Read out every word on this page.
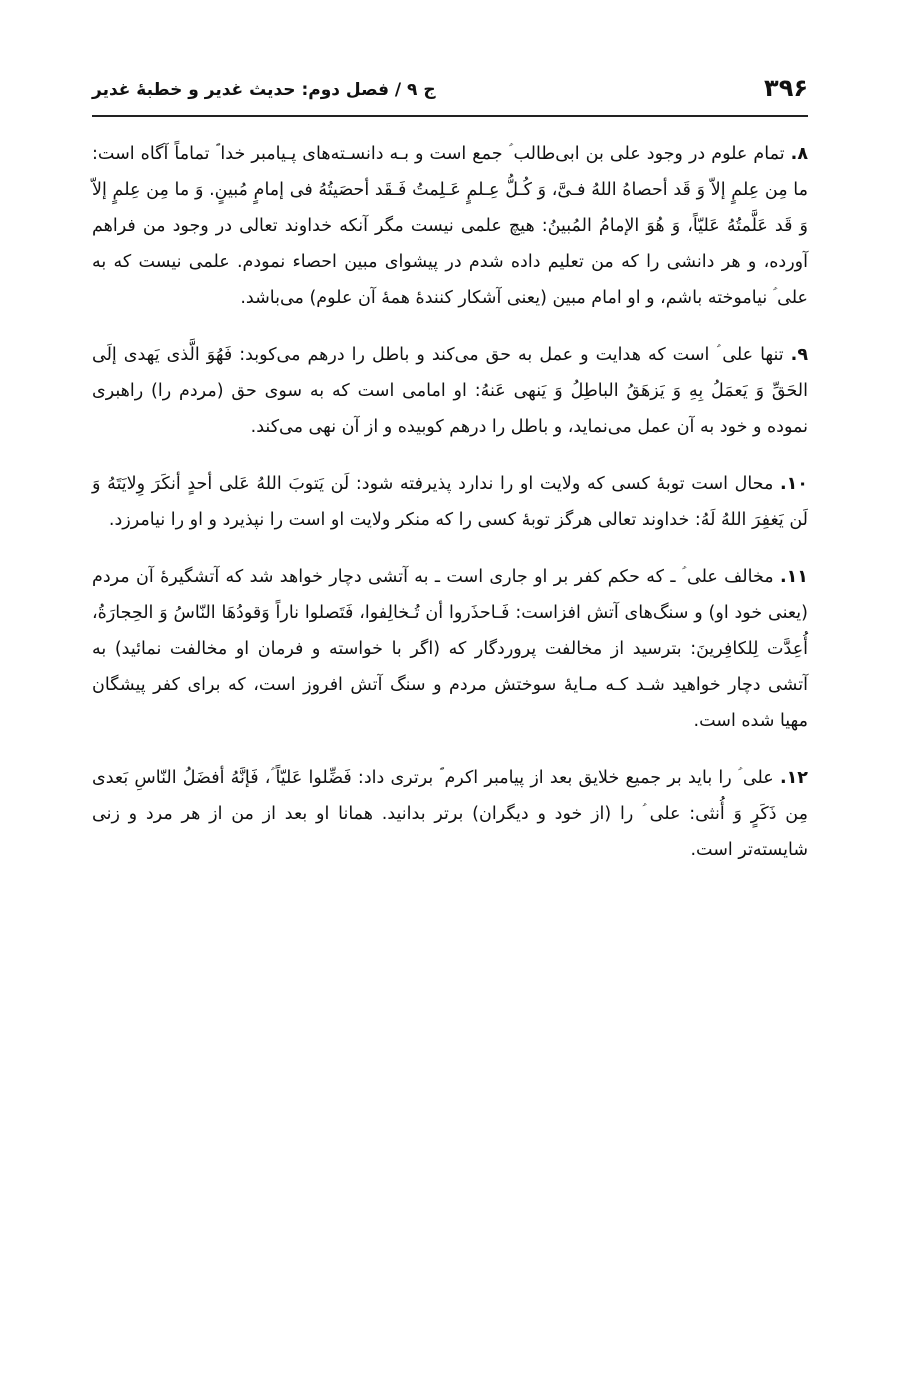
۳۹۶
ج ۹ / فصل دوم: حدیث غدیر و خطبهٔ غدیر

۸. تمام علوم در وجود علی بن ابی‌طالب ؑ جمع است و بـه دانسـته‌های پـیامبر خدا ؐ تماماً آگاه است: ما مِن عِلمٍ إلاّ وَ قَد أحصاهُ اللهُ فـیَّ، وَ کُـلُّ عِـلمٍ عَـلِمتُ فَـقَد أحصَیتُهُ فی إمامٍ مُبینٍ. وَ ما مِن عِلمٍ إلاّ وَ قَد عَلَّمتُهُ عَلیّاً، وَ هُوَ الإمامُ المُبینُ: هیچ علمی نیست مگر آنکه خداوند تعالی در وجود من فراهم آورده، و هر دانشی را که من تعلیم داده شدم در پیشوای مبین احصاء نمودم. علمی نیست که به علی ؑ نیاموخته باشم، و او امام مبین (یعنی آشکار کنندهٔ همهٔ آن علوم) می‌باشد.

۹. تنها علی ؑ است که هدایت و عمل به حق می‌کند و باطل را درهم می‌کوبد: فَهُوَ الَّذی یَهدی إلَی الحَقِّ وَ یَعمَلُ بِهِ وَ یَزهَقُ الباطِلُ وَ یَنهی عَنهُ: او امامی است که به سوی حق (مردم را) راهبری نموده و خود به آن عمل می‌نماید، و باطل را درهم کوبیده و از آن نهی می‌کند.

۱۰. محال است توبهٔ کسی که ولایت او را ندارد پذیرفته شود: لَن یَتوبَ اللهُ عَلی أحدٍ أنکَرَ وِلایَتَهُ وَ لَن یَغفِرَ اللهُ لَهُ: خداوند تعالی هرگز توبهٔ کسی را که منکر ولایت او است را نپذیرد و او را نیامرزد.

۱۱. مخالف علی ؑ ـ که حکم کفر بر او جاری است ـ به آتشی دچار خواهد شد که آتشگیرهٔ آن مردم (یعنی خود او) و سنگ‌های آتش افزاست: فَـاحذَروا أن تُـخالِفوا، فَتَصلوا ناراً وَقودُهَا النّاسُ وَ الحِجارَةُ، أُعِدَّت لِلکافِرینَ: بترسید از مخالفت پروردگار که (اگر با خواسته و فرمان او مخالفت نمائید) به آتشی دچار خواهید شـد کـه مـایهٔ سوختش مردم و سنگ آتش افروز است، که برای کفر پیشگان مهیا شده است.

۱۲. علی ؑ را باید بر جمیع خلایق بعد از پیامبر اکرم ؐ برتری داد: فَضِّلوا عَلیّاً ؑ، فَإنَّهُ أفضَلُ النّاسِ بَعدی مِن ذَکَرٍ وَ أُنثی: علی ؑ را (از خود و دیگران) برتر بدانید. همانا او بعد از من از هر مرد و زنی شایسته‌تر است.
